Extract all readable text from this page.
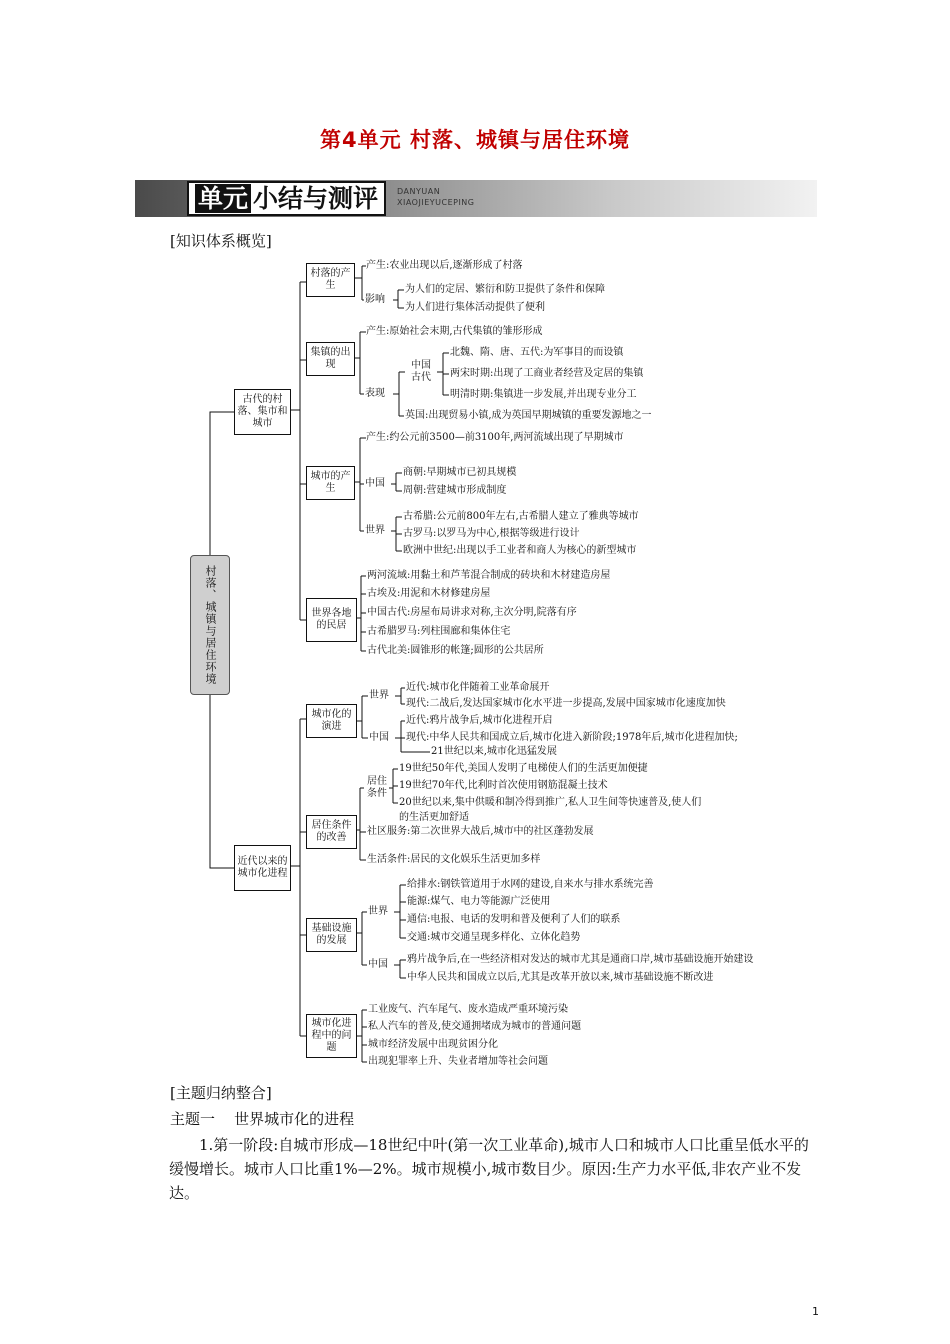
第4单元 村落、城镇与居住环境
单元 小结与测评 DANYUAN
XIAOJIEYUCEPING
[知识体系概览]
村落、城镇与居住环境
古代的村落、集市和城市
近代以来的城市化进程
村落的产生
集镇的出现
城市的产生
世界各地的民居
城市化的演进
居住条件的改善
基础设施的发展
城市化进程中的问题
产生:农业出现以后,逐渐形成了村落
影响
为人们的定居、繁衍和防卫提供了条件和保障
为人们进行集体活动提供了便利
产生:原始社会末期,古代集镇的雏形形成
表现
中国古代
北魏、隋、唐、五代:为军事目的而设镇
两宋时期:出现了工商业者经营及定居的集镇
明清时期:集镇进一步发展,并出现专业分工
英国:出现贸易小镇,成为英国早期城镇的重要发源地之一
产生:约公元前3500—前3100年,两河流域出现了早期城市
中国
商朝:早期城市已初具规模
周朝:营建城市形成制度
世界
古希腊:公元前800年左右,古希腊人建立了雅典等城市
古罗马:以罗马为中心,根据等级进行设计
欧洲中世纪:出现以手工业者和商人为核心的新型城市
两河流域:用黏土和芦苇混合制成的砖块和木材建造房屋
古埃及:用泥和木材修建房屋
中国古代:房屋布局讲求对称,主次分明,院落有序
古希腊罗马:列柱围廊和集体住宅
古代北美:圆锥形的帐篷;圆形的公共居所
世界
近代:城市化伴随着工业革命展开
现代:二战后,发达国家城市化水平进一步提高,发展中国家城市化速度加快
中国
近代:鸦片战争后,城市化进程开启
现代:中华人民共和国成立后,城市化进入新阶段;1978年后,城市化进程加快;
21世纪以来,城市化迅猛发展
居住条件
19世纪50年代,美国人发明了电梯使人们的生活更加便捷
19世纪70年代,比利时首次使用钢筋混凝土技术
20世纪以来,集中供暖和制冷得到推广,私人卫生间等快速普及,使人们
的生活更加舒适
社区服务:第二次世界大战后,城市中的社区蓬勃发展
生活条件:居民的文化娱乐生活更加多样
世界
给排水:钢铁管道用于水网的建设,自来水与排水系统完善
能源:煤气、电力等能源广泛使用
通信:电报、电话的发明和普及便利了人们的联系
交通:城市交通呈现多样化、立体化趋势
中国 鸦片战争后,在一些经济相对发达的城市尤其是通商口岸,城市基础设施开始建设
中华人民共和国成立以后,尤其是改革开放以来,城市基础设施不断改进
工业废气、汽车尾气、废水造成严重环境污染
私人汽车的普及,使交通拥堵成为城市的普通问题
城市经济发展中出现贫困分化
出现犯罪率上升、失业者增加等社会问题
[主题归纳整合]
主题一    世界城市化的进程
1.第一阶段:自城市形成—18世纪中叶(第一次工业革命),城市人口和城市人口比重呈低水平的缓慢增长。城市人口比重1%—2%。城市规模小,城市数目少。原因:生产力水平低,非农产业不发达。
1
